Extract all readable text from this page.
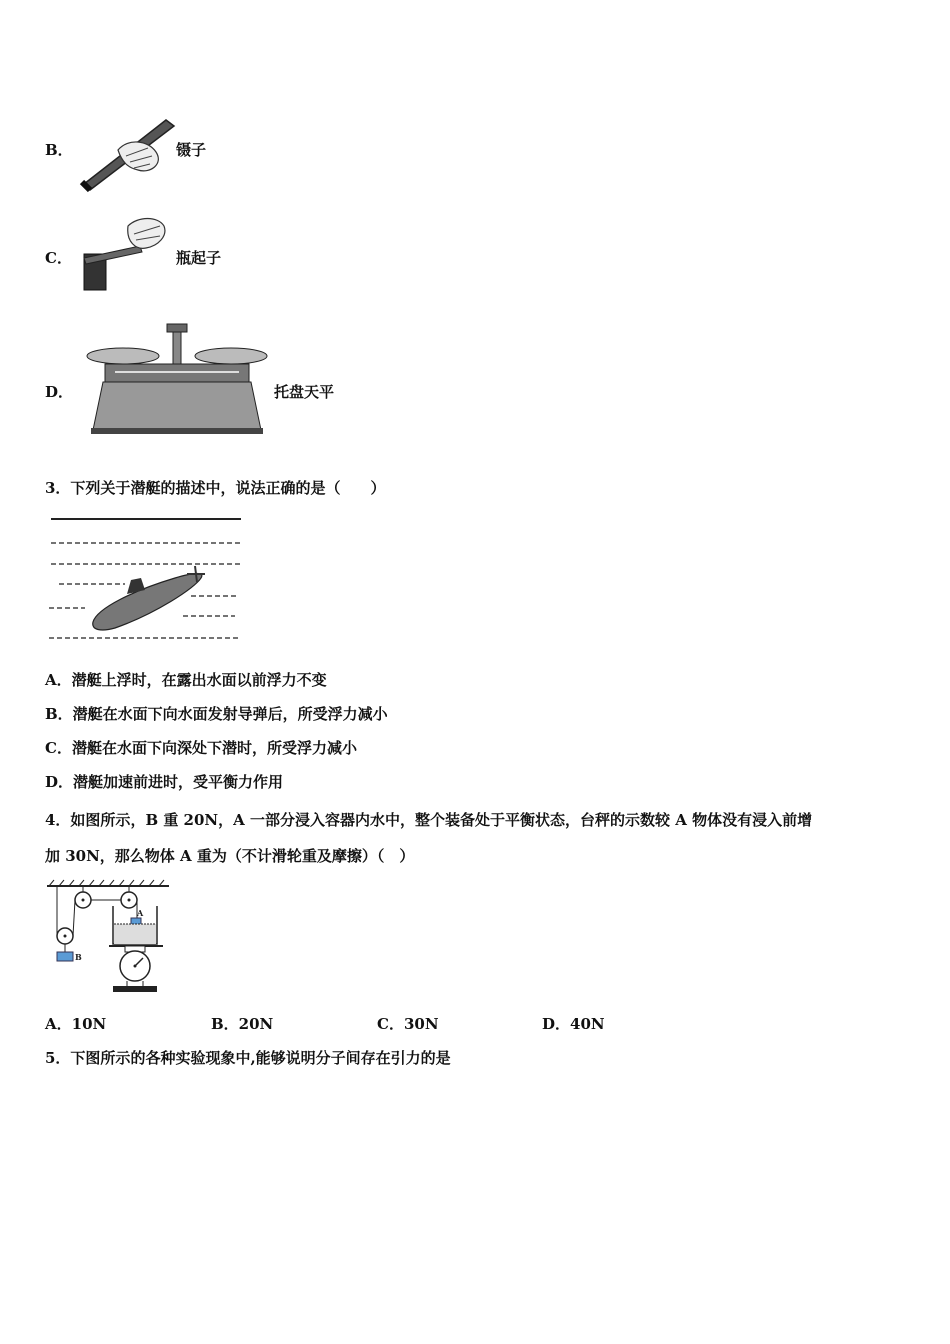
B．	镊子
C．	瓶起子
D．	托盘天平
3．下列关于潜艇的描述中，说法正确的是（　　）
A．潜艇上浮时，在露出水面以前浮力不变
B．潜艇在水面下向水面发射导弹后，所受浮力减小
C．潜艇在水面下向深处下潜时，所受浮力减小
D．潜艇加速前进时，受平衡力作用
4．如图所示，B 重 20N，A 一部分浸入容器内水中，整个装备处于平衡状态，台秤的示数较 A 物体没有浸入前增
加 30N，那么物体 A 重为（不计滑轮重及摩擦）（　）
B
A
A．10N	B．20N	C．30N	D．40N
5．下图所示的各种实验现象中,能够说明分子间存在引力的是
